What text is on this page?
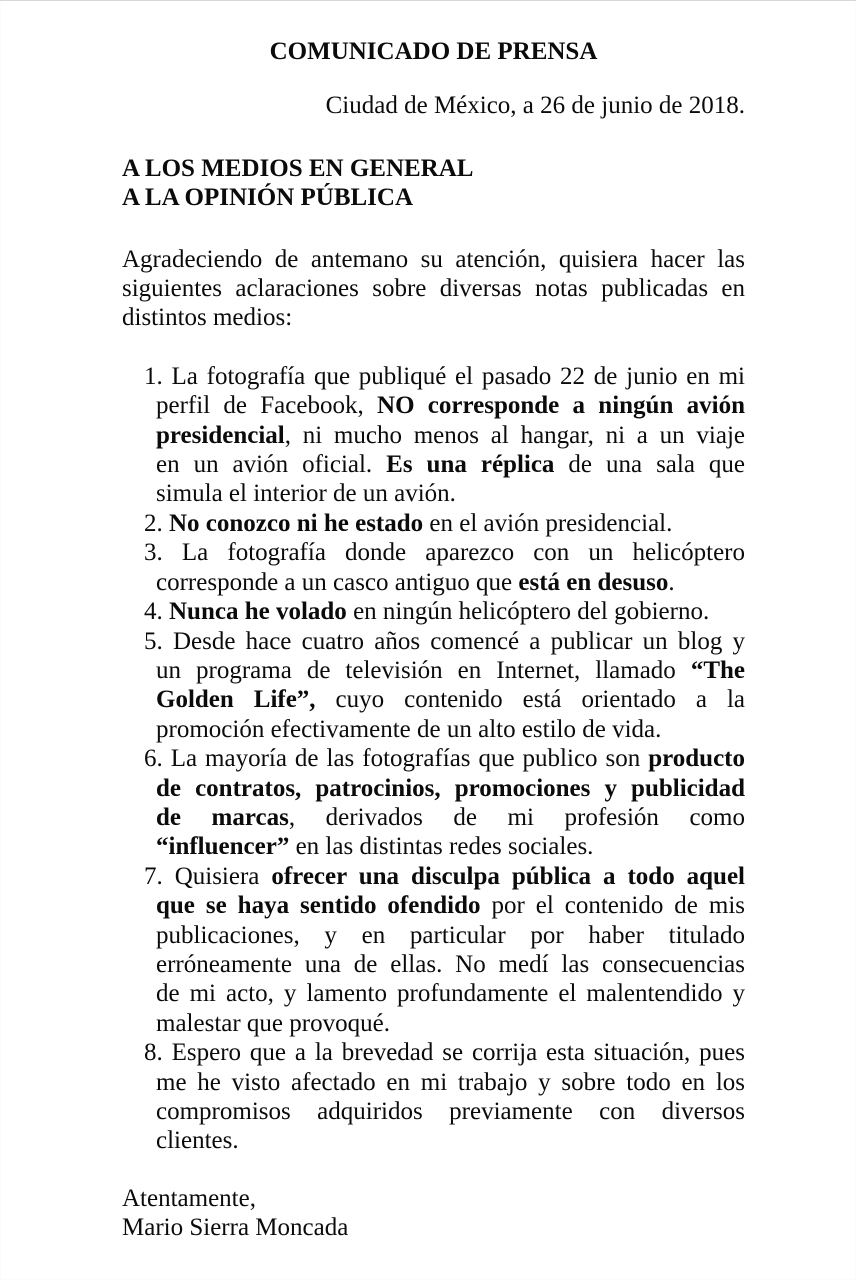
COMUNICADO DE PRENSA

Ciudad de México, a 26 de junio de 2018.

A LOS MEDIOS EN GENERAL
A LA OPINIÓN PÚBLICA
Agradeciendo de antemano su atención, quisiera hacer las
siguientes aclaraciones sobre diversas notas publicadas en
distintos medios:
1. La fotografía que publiqué el pasado 22 de junio en mi
perfil de Facebook, NO corresponde a ningún avión
presidencial, ni mucho menos al hangar, ni a un viaje
en un avión oficial. Es una réplica de una sala que
simula el interior de un avión.
2. No conozco ni he estado en el avión presidencial.
3. La fotografía donde aparezco con un helicóptero
corresponde a un casco antiguo que está en desuso.
4. Nunca he volado en ningún helicóptero del gobierno.
5. Desde hace cuatro años comencé a publicar un blog y
un programa de televisión en Internet, llamado “The
Golden Life”, cuyo contenido está orientado a la
promoción efectivamente de un alto estilo de vida.
6. La mayoría de las fotografías que publico son producto
de contratos, patrocinios, promociones y publicidad
de marcas, derivados de mi profesión como
“influencer” en las distintas redes sociales.
7. Quisiera ofrecer una disculpa pública a todo aquel
que se haya sentido ofendido por el contenido de mis
publicaciones, y en particular por haber titulado
erróneamente una de ellas. No medí las consecuencias
de mi acto, y lamento profundamente el malentendido y
malestar que provoqué.
8. Espero que a la brevedad se corrija esta situación, pues
me he visto afectado en mi trabajo y sobre todo en los
compromisos adquiridos previamente con diversos
clientes.
Atentamente,
Mario Sierra Moncada
